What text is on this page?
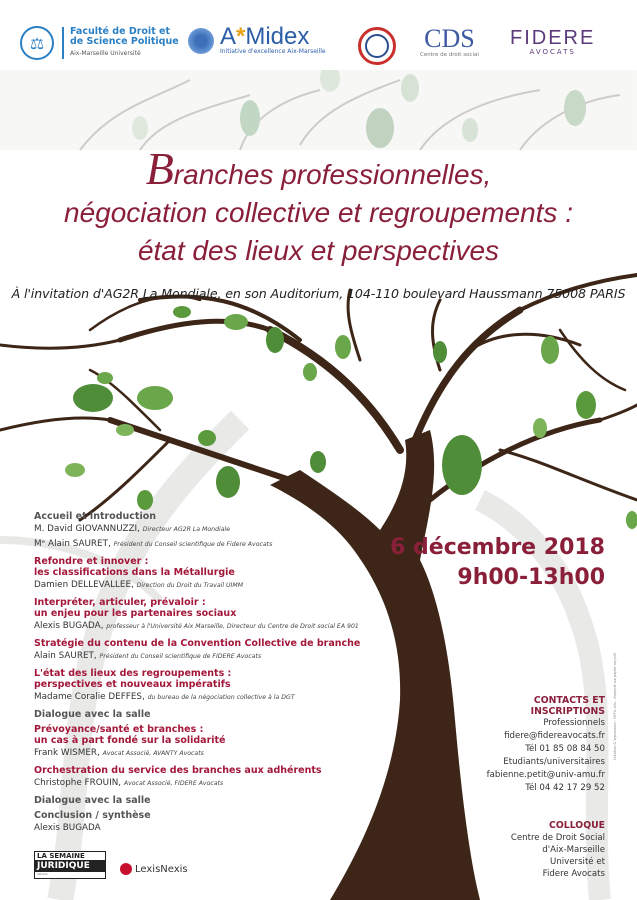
⚖
Faculté de Droit et
de Science Politique
Aix-Marseille Université
A*Midex
Initiative d'excellence Aix-Marseille	CDS
Centre de droit social
FIDERE
AVOCATS
Branches professionnelles,
négociation collective et regroupements :
état des lieux et perspectives
À l'invitation d'AG2R La Mondiale, en son Auditorium, 104-110 boulevard Haussmann 75008 PARIS
6 décembre 2018
9h00-13h00
Accueil et introduction
M. David GIOVANNUZZI, Directeur AG2R La Mondiale
Mᵉ Alain SAURET, Président du Conseil scientifique de Fidere Avocats
Refondre et innover :
les classifications dans la Métallurgie
Damien DELLEVALLEE, Direction du Droit du Travail UIMM
Interpréter, articuler, prévaloir :
un enjeu pour les partenaires sociaux
Alexis BUGADA, professeur à l'Université Aix Marseille, Directeur du Centre de Droit social EA 901
Stratégie du contenu de la Convention Collective de branche
Alain SAURET, Président du Conseil scientifique de FIDERE Avocats
L'état des lieux des regroupements :
perspectives et nouveaux impératifs
Madame Coralie DEFFES, du bureau de la négociation collective à la DGT
Dialogue avec la salle
Prévoyance/santé et branches :
un cas à part fondé sur la solidarité
Frank WISMER, Avocat Associé, AVANTY Avocats
Orchestration du service des branches aux adhérents
Christophe FROUIN, Avocat Associé, FIDERE Avocats
Dialogue avec la salle
Conclusion / synthèse
Alexis BUGADA
CONTACTS ET
INSCRIPTIONS
Professionnels
fidere@fidereavocats.fr
Tél 01 85 08 84 50
Etudiants/universitaires
fabienne.petit@univ-amu.fr
Tél 04 42 17 29 52
COLLOQUE
Centre de Droit Social
d'Aix-Marseille
Université et
Fidere Avocats
Création & impression : DEPIL.info - Imprimé sur papier recyclé
LA SEMAINE
JURIDIQUE
SOCIAL	LexisNexis
